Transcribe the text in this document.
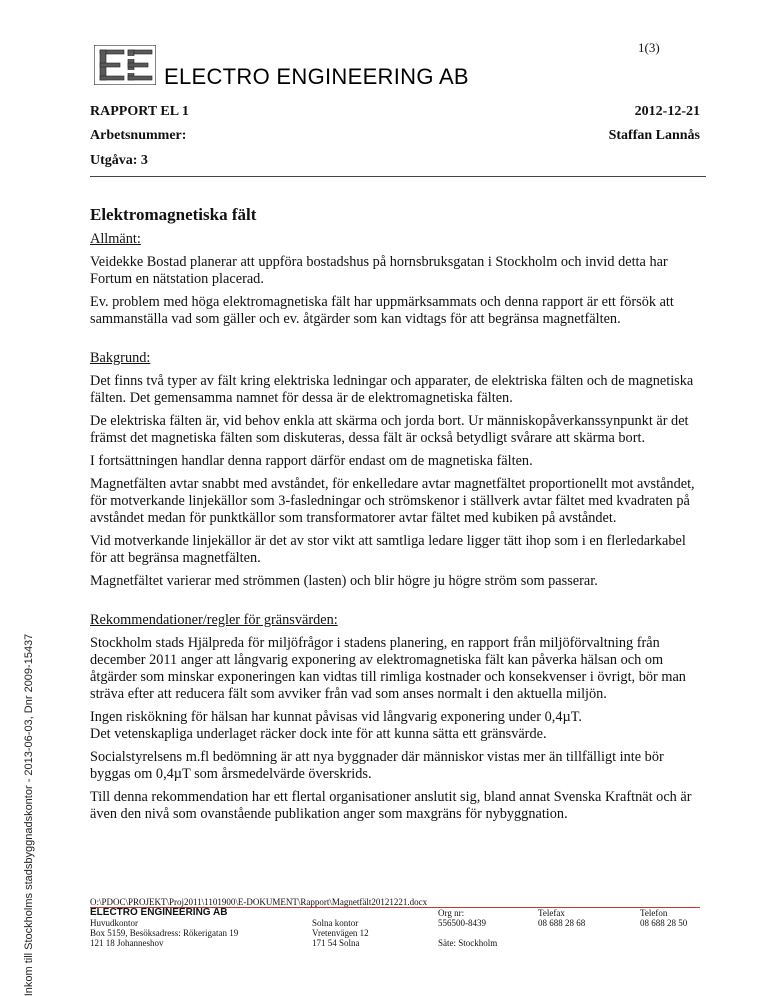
Inkom till Stockholms stadsbyggnadskontor - 2013-06-03, Dnr 2009-15437
1(3)
ELECTRO ENGINEERING AB
RAPPORT EL 1	2012-12-21
Arbetsnummer:	Staffan Lannås
Utgåva: 3
Elektromagnetiska fält
Allmänt:

Veidekke Bostad planerar att uppföra bostadshus på hornsbruksgatan i Stockholm och invid detta har Fortum en nätstation placerad.

Ev. problem med höga elektromagnetiska fält har uppmärksammats och denna rapport är ett försök att sammanställa vad som gäller och ev. åtgärder som kan vidtags för att begränsa magnetfälten.

Bakgrund:

Det finns två typer av fält kring elektriska ledningar och apparater, de elektriska fälten och de magnetiska fälten. Det gemensamma namnet för dessa är de elektromagnetiska fälten.

De elektriska fälten är, vid behov enkla att skärma och jorda bort. Ur människopåverkanssynpunkt är det främst det magnetiska fälten som diskuteras, dessa fält är också betydligt svårare att skärma bort.

I fortsättningen handlar denna rapport därför endast om de magnetiska fälten.

Magnetfälten avtar snabbt med avståndet, för enkelledare avtar magnetfältet proportionellt mot avståndet, för motverkande linjekällor som 3-fasledningar och strömskenor i ställverk avtar fältet med kvadraten på avståndet medan för punktkällor som transformatorer avtar fältet med kubiken på avståndet.

Vid motverkande linjekällor är det av stor vikt att samtliga ledare ligger tätt ihop som i en flerledarkabel för att begränsa magnetfälten.

Magnetfältet varierar med strömmen (lasten) och blir högre ju högre ström som passerar.

Rekommendationer/regler för gränsvärden:

Stockholm stads Hjälpreda för miljöfrågor i stadens planering, en rapport från miljöförvaltning från december 2011 anger att långvarig exponering av elektromagnetiska fält kan påverka hälsan och om åtgärder som minskar exponeringen kan vidtas till rimliga kostnader och konsekvenser i övrigt, bör man sträva efter att reducera fält som avviker från vad som anses normalt i den aktuella miljön.

Ingen riskökning för hälsan har kunnat påvisas vid långvarig exponering under 0,4µT.
Det vetenskapliga underlaget räcker dock inte för att kunna sätta ett gränsvärde.

Socialstyrelsens m.fl bedömning är att nya byggnader där människor vistas mer än tillfälligt inte bör byggas om 0,4µT som årsmedelvärde överskrids.

Till denna rekommendation har ett flertal organisationer anslutit sig, bland annat Svenska Kraftnät och är även den nivå som ovanstående publikation anger som maxgräns för nybyggnation.

O:\PDOC\PROJEKT\Proj2011\1101900\E-DOKUMENT\Rapport\Magnetfält20121221.docx
ELECTRO ENGINEERING AB
Huvudkontor
Box 5159, Besöksadress: Rökerigatan 19
121 18 Johanneshov
Solna kontor
Vretenvägen 12
171 54 Solna
Org nr:
556500-8439
Säte: Stockholm
Telefax
08 688 28 68
Telefon
08 688 28 50
